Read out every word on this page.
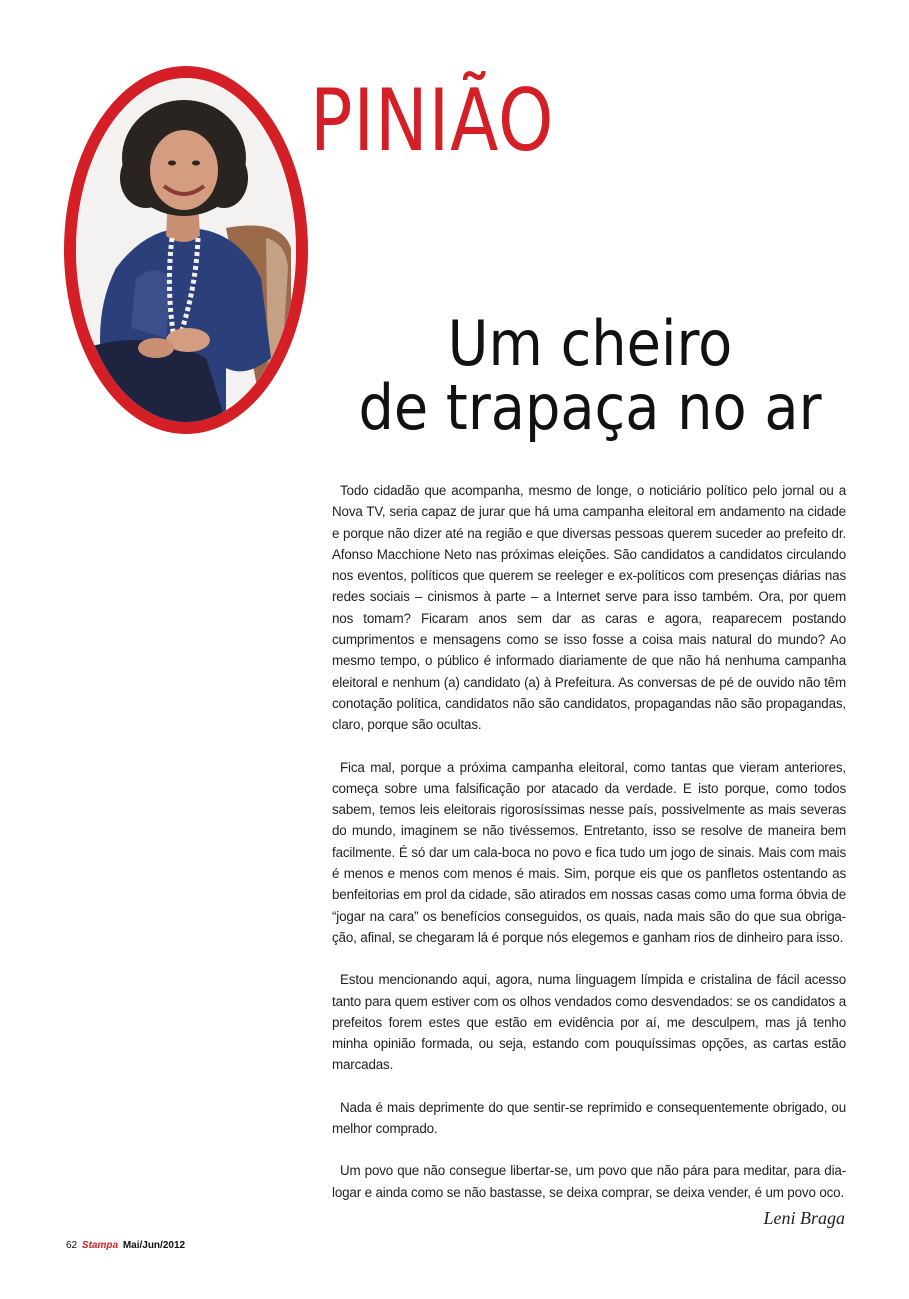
PINIÃO
Um cheiro
de trapaça no ar

Todo cidadão que acompanha, mesmo de longe, o noticiário político pelo jornal ou a Nova TV, seria capaz de jurar que há uma campanha eleitoral em andamento na cidade e porque não dizer até na região e que diversas pessoas querem suceder ao prefeito dr. Afonso Macchione Neto nas próximas eleições. São candidatos a candidatos circulando nos eventos, políticos que querem se reeleger e ex-políticos com presenças diárias nas redes sociais – cinismos à parte – a Internet serve para isso também. Ora, por quem nos tomam? Ficaram anos sem dar as caras e agora, reaparecem postando cumprimentos e mensagens como se isso fosse a coisa mais natural do mundo? Ao mesmo tempo, o público é informado diariamente de que não há nenhuma campanha eleitoral e nenhum (a) candidato (a) à Prefeitura. As conversas de pé de ouvido não têm conotação política, candidatos não são candidatos, propagandas não são propagandas, claro, porque são ocultas.

Fica mal, porque a próxima campanha eleitoral, como tantas que vieram anteriores, começa sobre uma falsificação por atacado da verdade. E isto porque, como todos sabem, temos leis eleitorais rigorosíssimas nesse país, possivelmente as mais severas do mundo, imaginem se não tivéssemos. Entretanto, isso se resolve de maneira bem facilmente. É só dar um cala-boca no povo e fica tudo um jogo de sinais. Mais com mais é menos e menos com menos é mais. Sim, porque eis que os panfletos ostentando as benfeitorias em prol da cidade, são atirados em nossas casas como uma forma óbvia de “jogar na cara” os benefícios conseguidos, os quais, nada mais são do que sua obriga-ção, afinal, se chegaram lá é porque nós elegemos e ganham rios de dinheiro para isso.

Estou mencionando aqui, agora, numa linguagem límpida e cristalina de fácil acesso tanto para quem estiver com os olhos vendados como desvendados: se os candidatos a prefeitos forem estes que estão em evidência por aí, me desculpem, mas já tenho minha opinião formada, ou seja, estando com pouquíssimas opções, as cartas estão marcadas.

Nada é mais deprimente do que sentir-se reprimido e consequentemente obrigado, ou melhor comprado.

Um povo que não consegue libertar-se, um povo que não pára para meditar, para dia-logar e ainda como se não bastasse, se deixa comprar, se deixa vender, é um povo oco.

Leni Braga
62 Stampa Mai/Jun/2012
